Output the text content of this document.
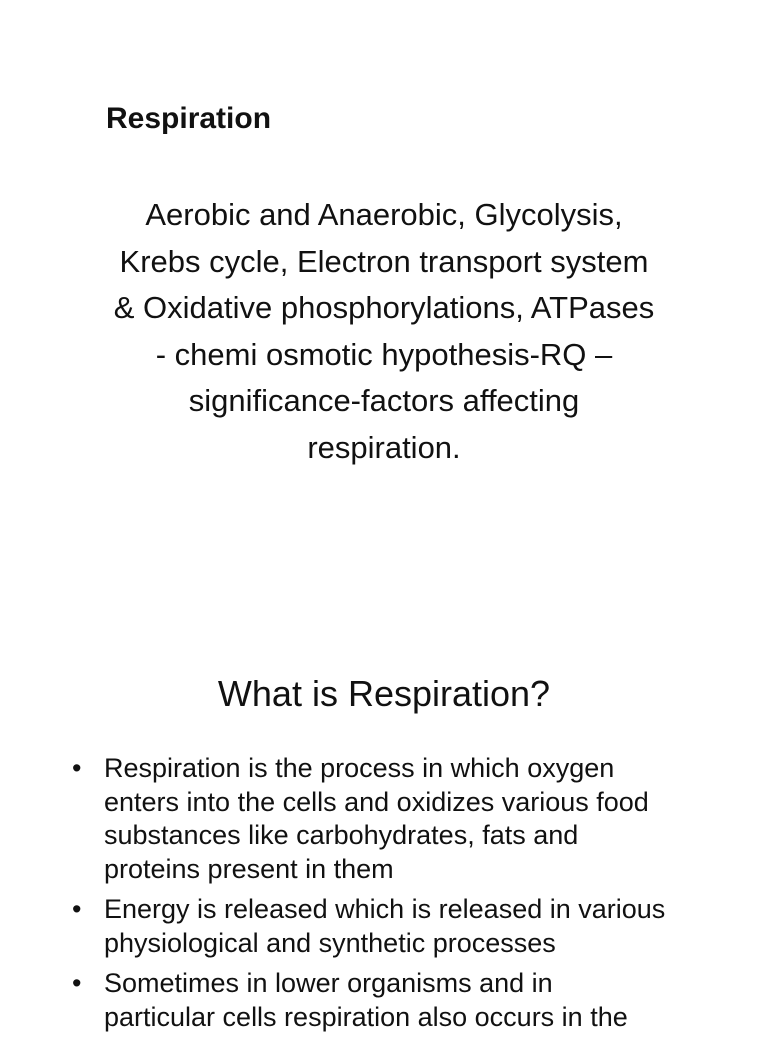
Respiration

Aerobic and Anaerobic, Glycolysis,
Krebs cycle, Electron transport system
& Oxidative phosphorylations, ATPases
- chemi osmotic hypothesis-RQ –
significance-factors affecting
respiration.

What is Respiration?
• Respiration is the process in which oxygen
enters into the cells and oxidizes various food
substances like carbohydrates, fats and
proteins present in them
• Energy is released which is released in various
physiological and synthetic processes
• Sometimes in lower organisms and in
particular cells respiration also occurs in the
